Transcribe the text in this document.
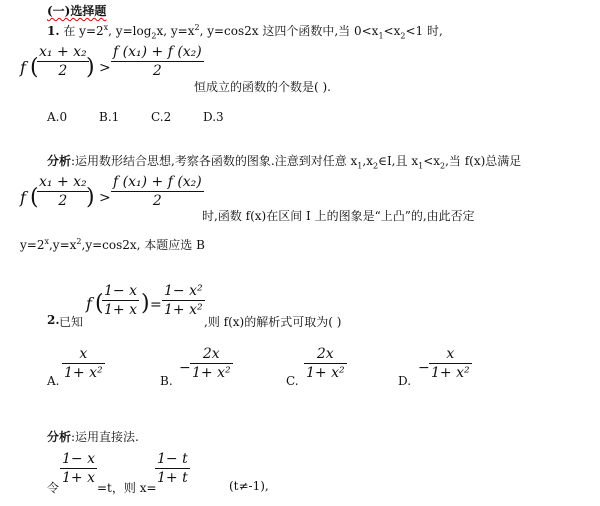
(一)选择题
1. 在 $y=2^x$, $y=\log_2x$, $y=x^2$, y=cos2x 这四个函数中,当 $0<x_1<x_2<1$ 时,
f (
x₁ + x₂
2 ) >
f (x₁) + f (x₂)
2
恒成立的函数的个数是( ).
A.0	B.1	C.2	D.3
分析:运用数形结合思想,考察各函数的图象.注意到对任意 $x_1,x_2\in I$,且 $x_1<x_2$,当 f(x)总满足
f (
x₁ + x₂
2 ) >
f (x₁) + f (x₂)
2
时,函数 f(x)在区间 I 上的图象是“上凸”的,由此否定
$y=2^x,y=x^2,y=\cos 2x$, 本题应选 B
2. 已知
f ( 1− x
1+ x ) =
1− x²
1+ x²
,则 f(x)的解析式可取为( )
A.
x
1+ x²	B.
−
2x
1+ x²	C.
2x
1+ x²	D.
−
x
1+ x²
分析:运用直接法.
令
1− x
1+ x
=t，则 x=
1− t
1+ t	(t≠-1),
